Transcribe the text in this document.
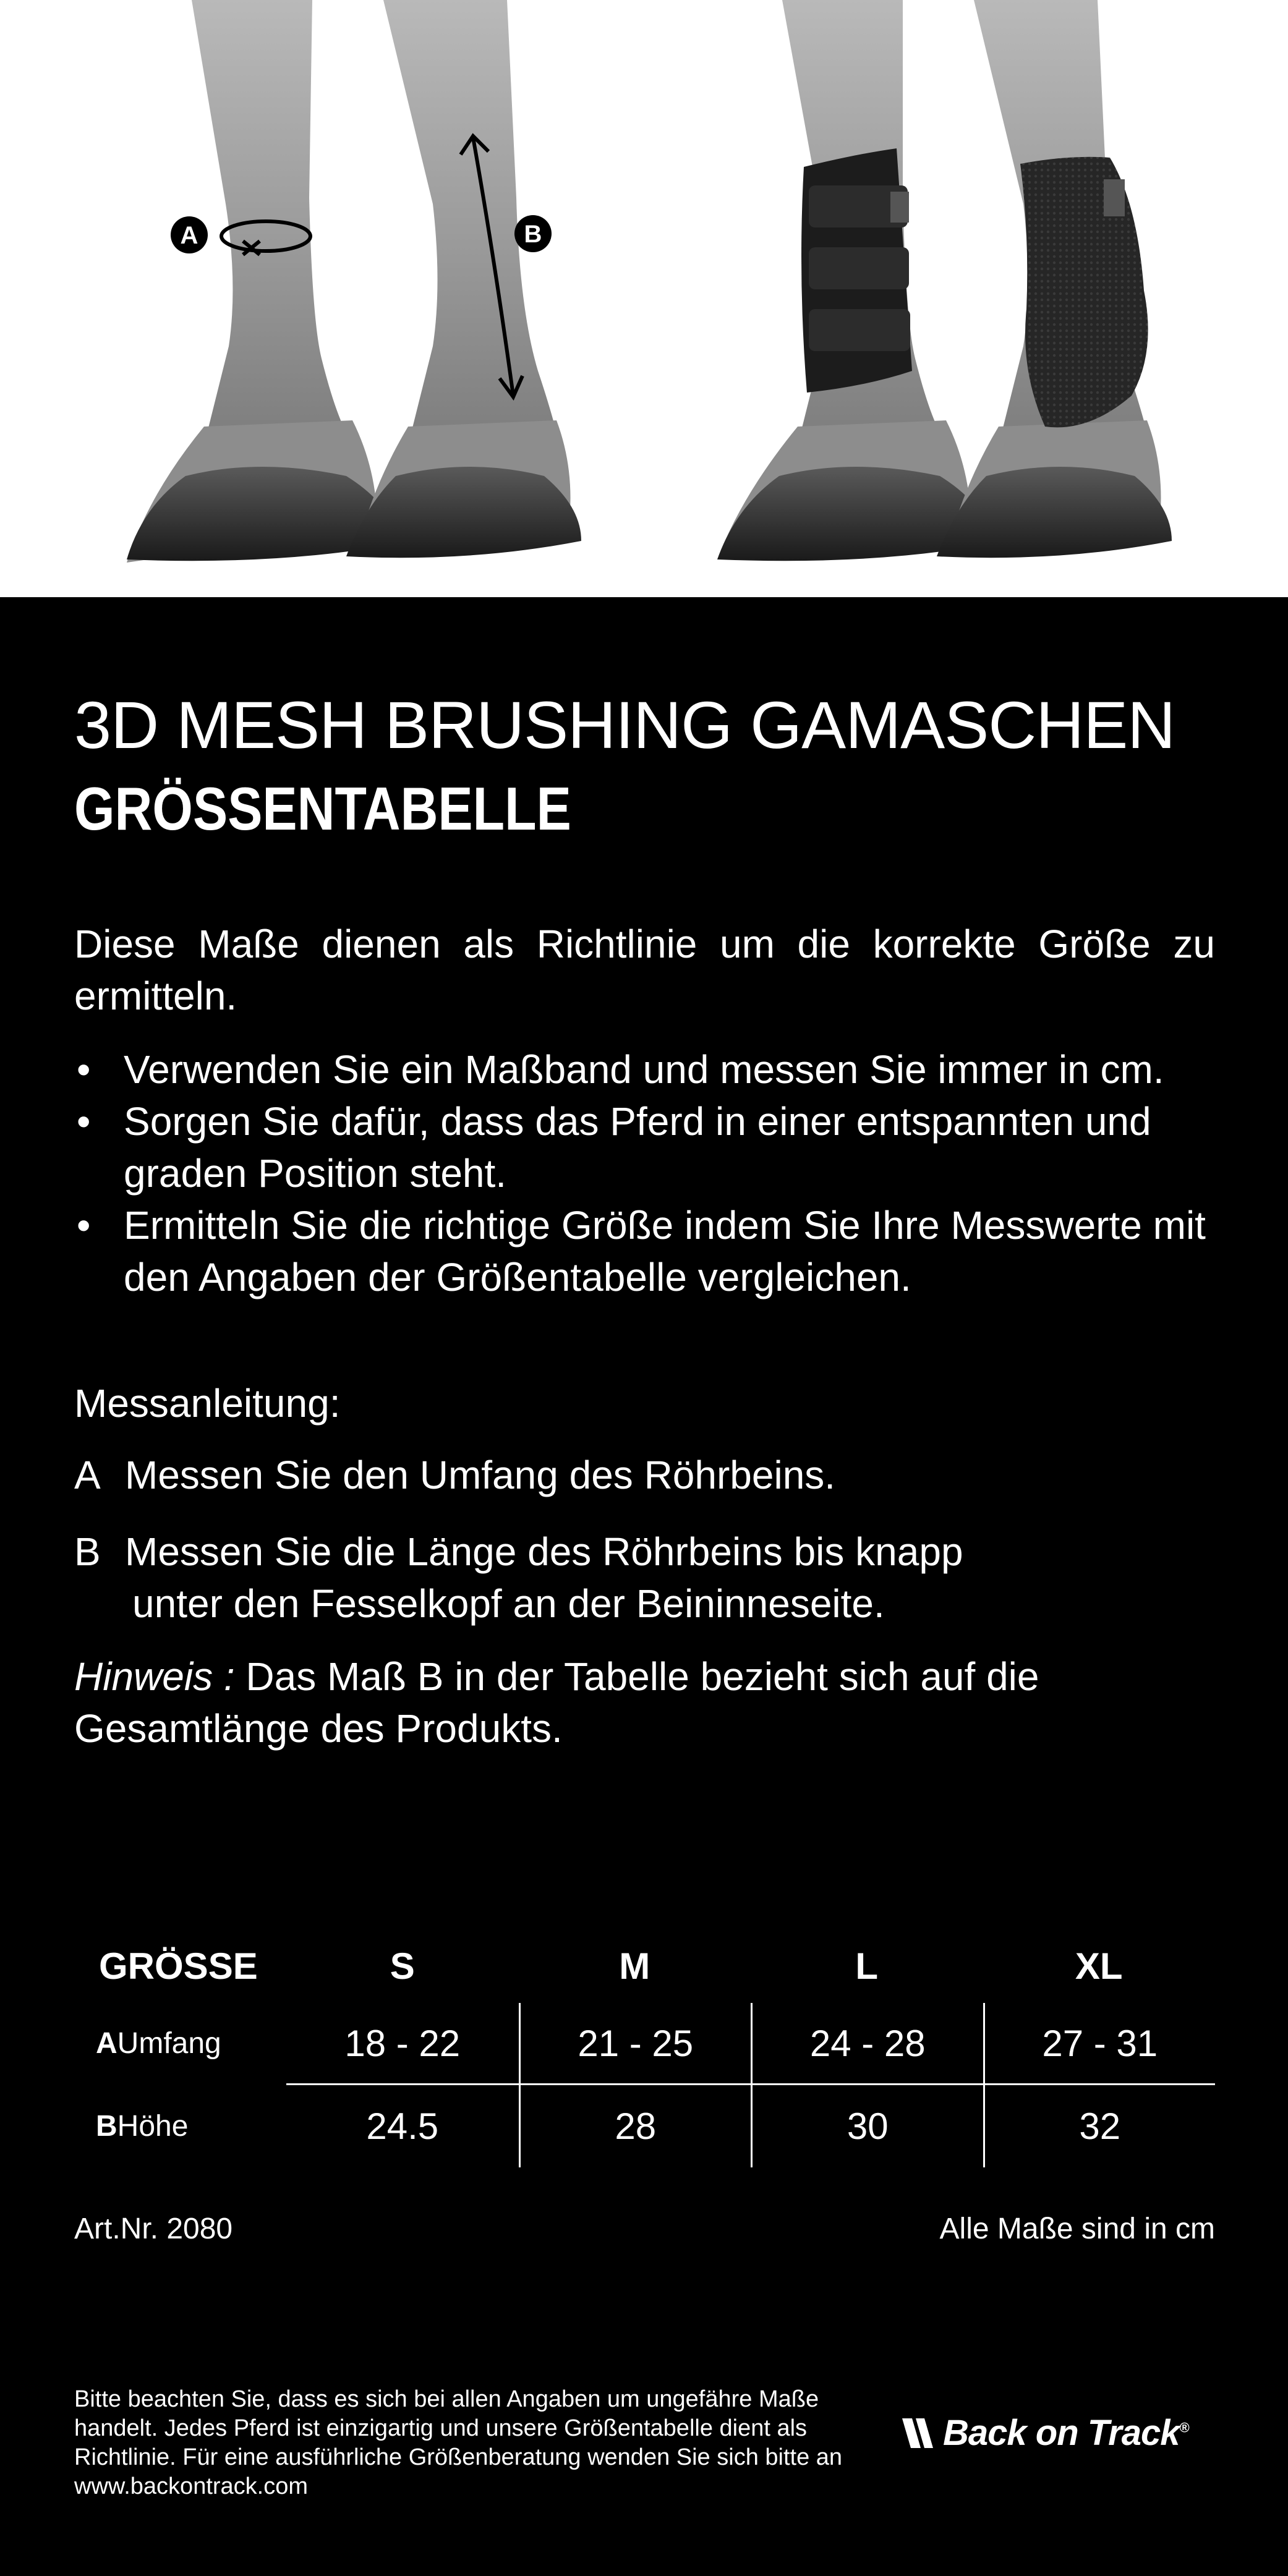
A	B
3D MESH BRUSHING GAMASCHEN
GRÖSSENTABELLE

Diese Maße dienen als Richtlinie um die korrekte Größe zu ermitteln.

• Verwenden Sie ein Maßband und messen Sie immer in cm.
• Sorgen Sie dafür, dass das Pferd in einer entspannten und graden Position steht.
• Ermitteln Sie die richtige Größe indem Sie Ihre Messwerte mit den Angaben der Größentabelle vergleichen.
Messanleitung:
A Messen Sie den Umfang des Röhrbeins.
B Messen Sie die Länge des Röhrbeins bis knapp
unter den Fesselkopf an der Beininneseite.

Hinweis : Das Maß B in der Tabelle bezieht sich auf die Gesamtlänge des Produkts.

GRÖSSE	S	M	L	XL
A Umfang	18 - 22	21 - 25	24 - 28	27 - 31
B Höhe	24.5	28	30	32
Art.Nr. 2080	Alle Maße sind in cm

Bitte beachten Sie, dass es sich bei allen Angaben um ungefähre Maße handelt. Jedes Pferd ist einzigartig und unsere Größentabelle dient als Richtlinie. Für eine ausführliche Größenberatung wenden Sie sich bitte an www.backontrack.com

Back on Track®
